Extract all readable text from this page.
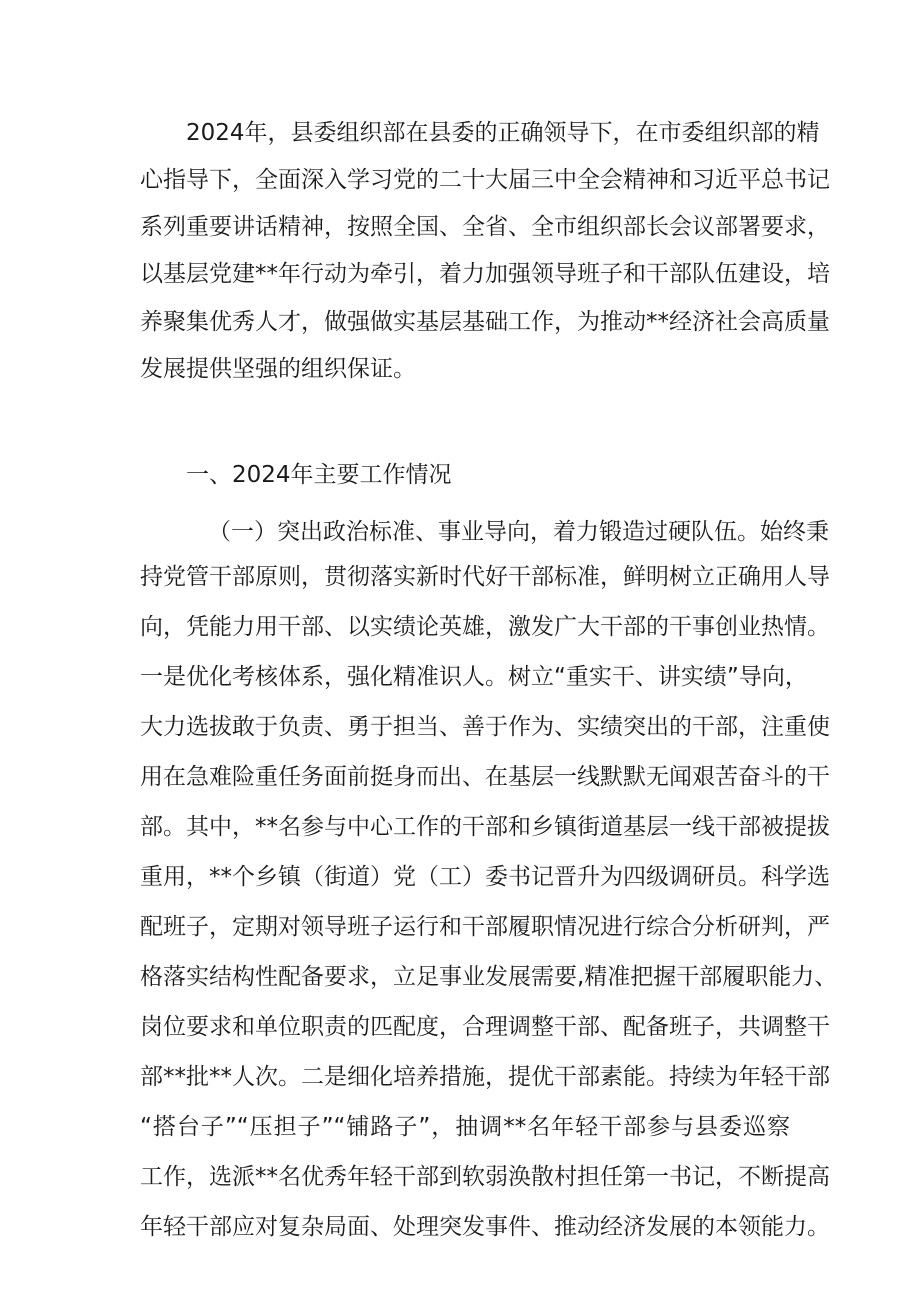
2024年，县委组织部在县委的正确领导下，在市委组织部的精
心指导下，全面深入学习党的二十大届三中全会精神和习近平总书记
系列重要讲话精神，按照全国、全省、全市组织部长会议部署要求，
以基层党建**年行动为牵引，着力加强领导班子和干部队伍建设，培
养聚集优秀人才，做强做实基层基础工作，为推动**经济社会高质量
发展提供坚强的组织保证。
一、2024年主要工作情况
（一）突出政治标准、事业导向，着力锻造过硬队伍。始终秉
持党管干部原则，贯彻落实新时代好干部标准，鲜明树立正确用人导
向，凭能力用干部、以实绩论英雄，激发广大干部的干事创业热情。
一是优化考核体系，强化精准识人。树立“重实干、讲实绩”导向，
大力选拔敢于负责、勇于担当、善于作为、实绩突出的干部，注重使
用在急难险重任务面前挺身而出、在基层一线默默无闻艰苦奋斗的干
部。其中，**名参与中心工作的干部和乡镇街道基层一线干部被提拔
重用，**个乡镇（街道）党（工）委书记晋升为四级调研员。科学选
配班子，定期对领导班子运行和干部履职情况进行综合分析研判，严
格落实结构性配备要求，立足事业发展需要,精准把握干部履职能力、
岗位要求和单位职责的匹配度，合理调整干部、配备班子，共调整干
部**批**人次。二是细化培养措施，提优干部素能。持续为年轻干部
“搭台子”“压担子”“铺路子”，抽调**名年轻干部参与县委巡察
工作，选派**名优秀年轻干部到软弱涣散村担任第一书记，不断提高
年轻干部应对复杂局面、处理突发事件、推动经济发展的本领能力。
